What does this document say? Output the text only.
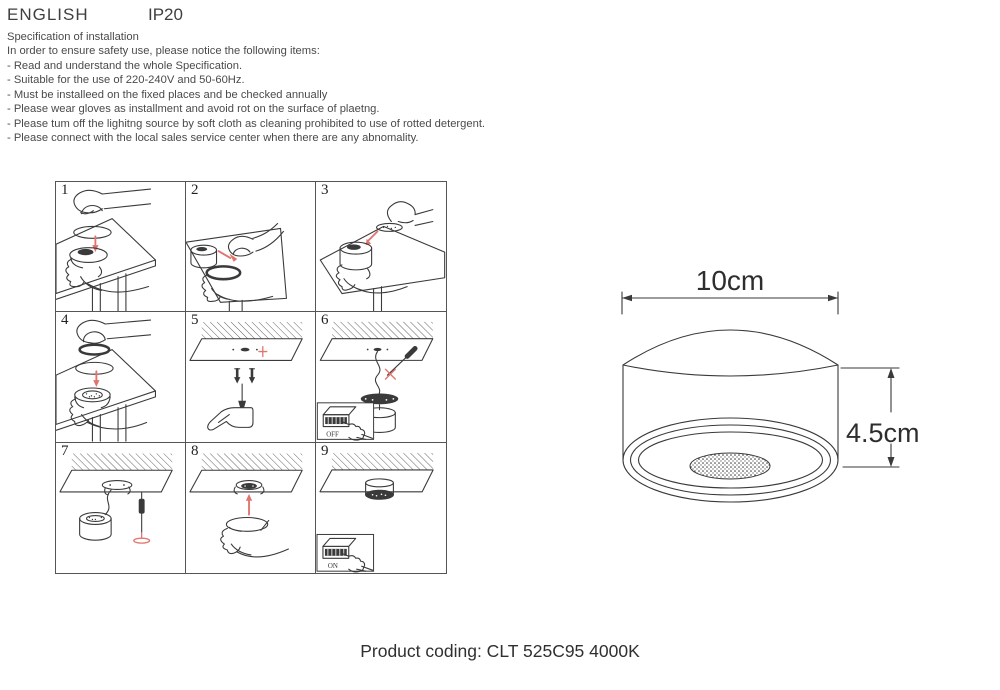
ENGLISH	IP20
Specification of installation
In order to ensure safety use, please notice the following items:
- Read and understand the whole Specification.
- Suitable for the use of 220-240V and 50-60Hz.
- Must be installeed on the fixed places and be checked annually
- Please wear gloves as installment and avoid rot on the surface of plaetng.
- Please tum off the lighitng source by soft cloth as cleaning prohibited to use of rotted detergent.
- Please connect with the local sales service center when there are any abnomality.
1	2	3
4	5	6
OFF
7	8	9
ON
10cm
4.5cm
Product coding: CLT 525C95 4000K
